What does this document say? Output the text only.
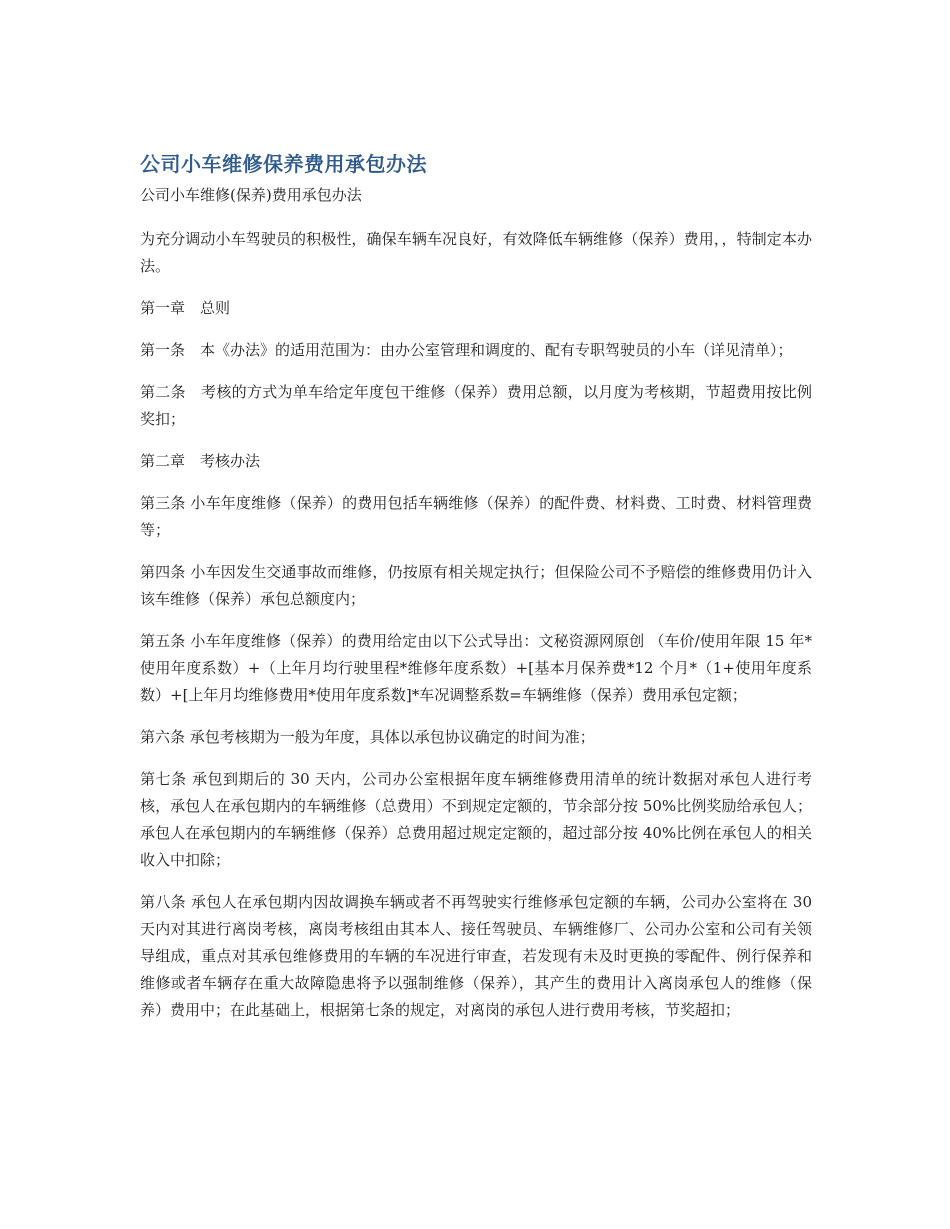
公司小车维修保养费用承包办法

公司小车维修(保养)费用承包办法

为充分调动小车驾驶员的积极性，确保车辆车况良好，有效降低车辆维修（保养）费用，，特制定本办法。

第一章　总则

第一条　本《办法》的适用范围为：由办公室管理和调度的、配有专职驾驶员的小车（详见清单）；

第二条　考核的方式为单车给定年度包干维修（保养）费用总额，以月度为考核期，节超费用按比例奖扣；

第二章　考核办法

第三条 小车年度维修（保养）的费用包括车辆维修（保养）的配件费、材料费、工时费、材料管理费等；

第四条 小车因发生交通事故而维修，仍按原有相关规定执行；但保险公司不予赔偿的维修费用仍计入该车维修（保养）承包总额度内；

第五条 小车年度维修（保养）的费用给定由以下公式导出：文秘资源网原创 （车价/使用年限 15 年*使用年度系数）+（上年月均行驶里程*维修年度系数）+[基本月保养费*12 个月*（1+使用年度系数）+[上年月均维修费用*使用年度系数]*车况调整系数=车辆维修（保养）费用承包定额；

第六条 承包考核期为一般为年度，具体以承包协议确定的时间为准；

第七条 承包到期后的 30 天内，公司办公室根据年度车辆维修费用清单的统计数据对承包人进行考核，承包人在承包期内的车辆维修（总费用）不到规定定额的，节余部分按 50%比例奖励给承包人；承包人在承包期内的车辆维修（保养）总费用超过规定定额的，超过部分按 40%比例在承包人的相关收入中扣除；

第八条 承包人在承包期内因故调换车辆或者不再驾驶实行维修承包定额的车辆，公司办公室将在 30 天内对其进行离岗考核，离岗考核组由其本人、接任驾驶员、车辆维修厂、公司办公室和公司有关领导组成，重点对其承包维修费用的车辆的车况进行审查，若发现有未及时更换的零配件、例行保养和维修或者车辆存在重大故障隐患将予以强制维修（保养），其产生的费用计入离岗承包人的维修（保养）费用中；在此基础上，根据第七条的规定，对离岗的承包人进行费用考核，节奖超扣；
